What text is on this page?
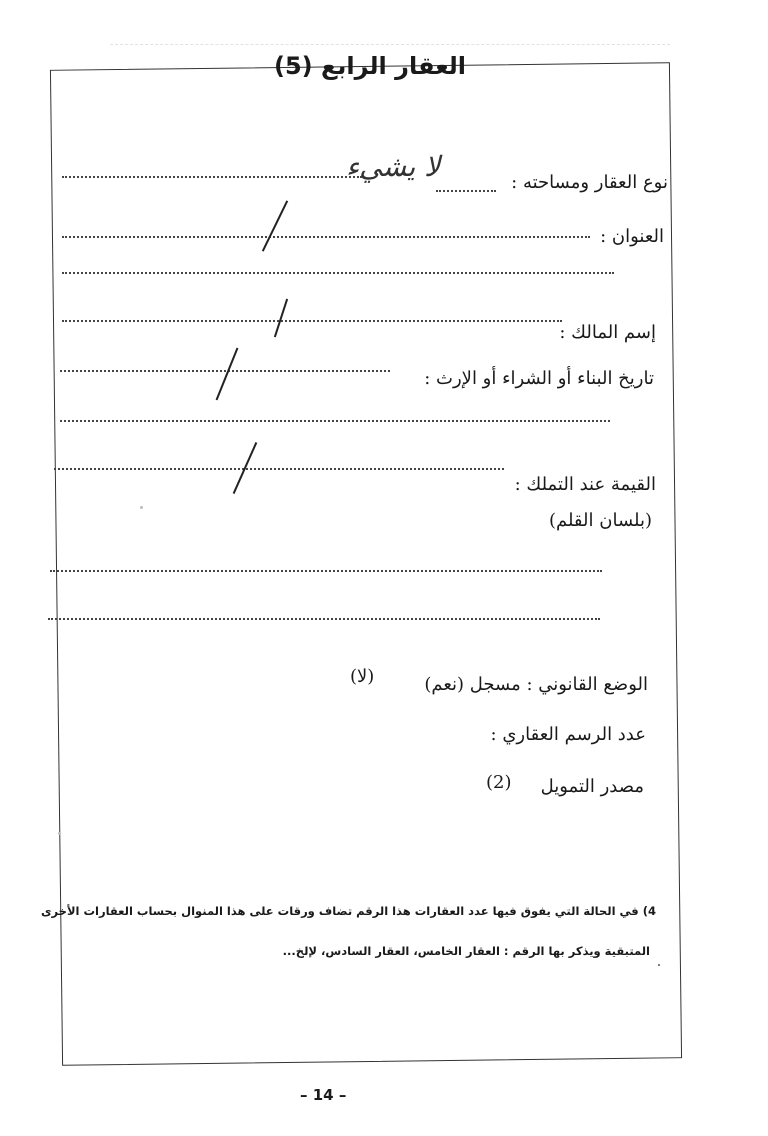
العقار الرابع (5)
نوع العقار ومساحته :
لا يشيء
العنوان :
إسم المالك :
تاريخ البناء أو الشراء أو الإرث :
القيمة عند التملك :
(بلسان القلم)
الوضع القانوني : مسجل (نعم)
(لا)
عدد الرسم العقاري :
مصدر التمويل
(2)
4) في الحالة التي يفوق فيها عدد العقارات هذا الرقم تضاف ورقات على هذا المنوال بحساب العقارات الأخرى
المتبقية ويذكر بها الرقم : العقار الخامس، العقار السادس، لإلخ...
– 14 –
